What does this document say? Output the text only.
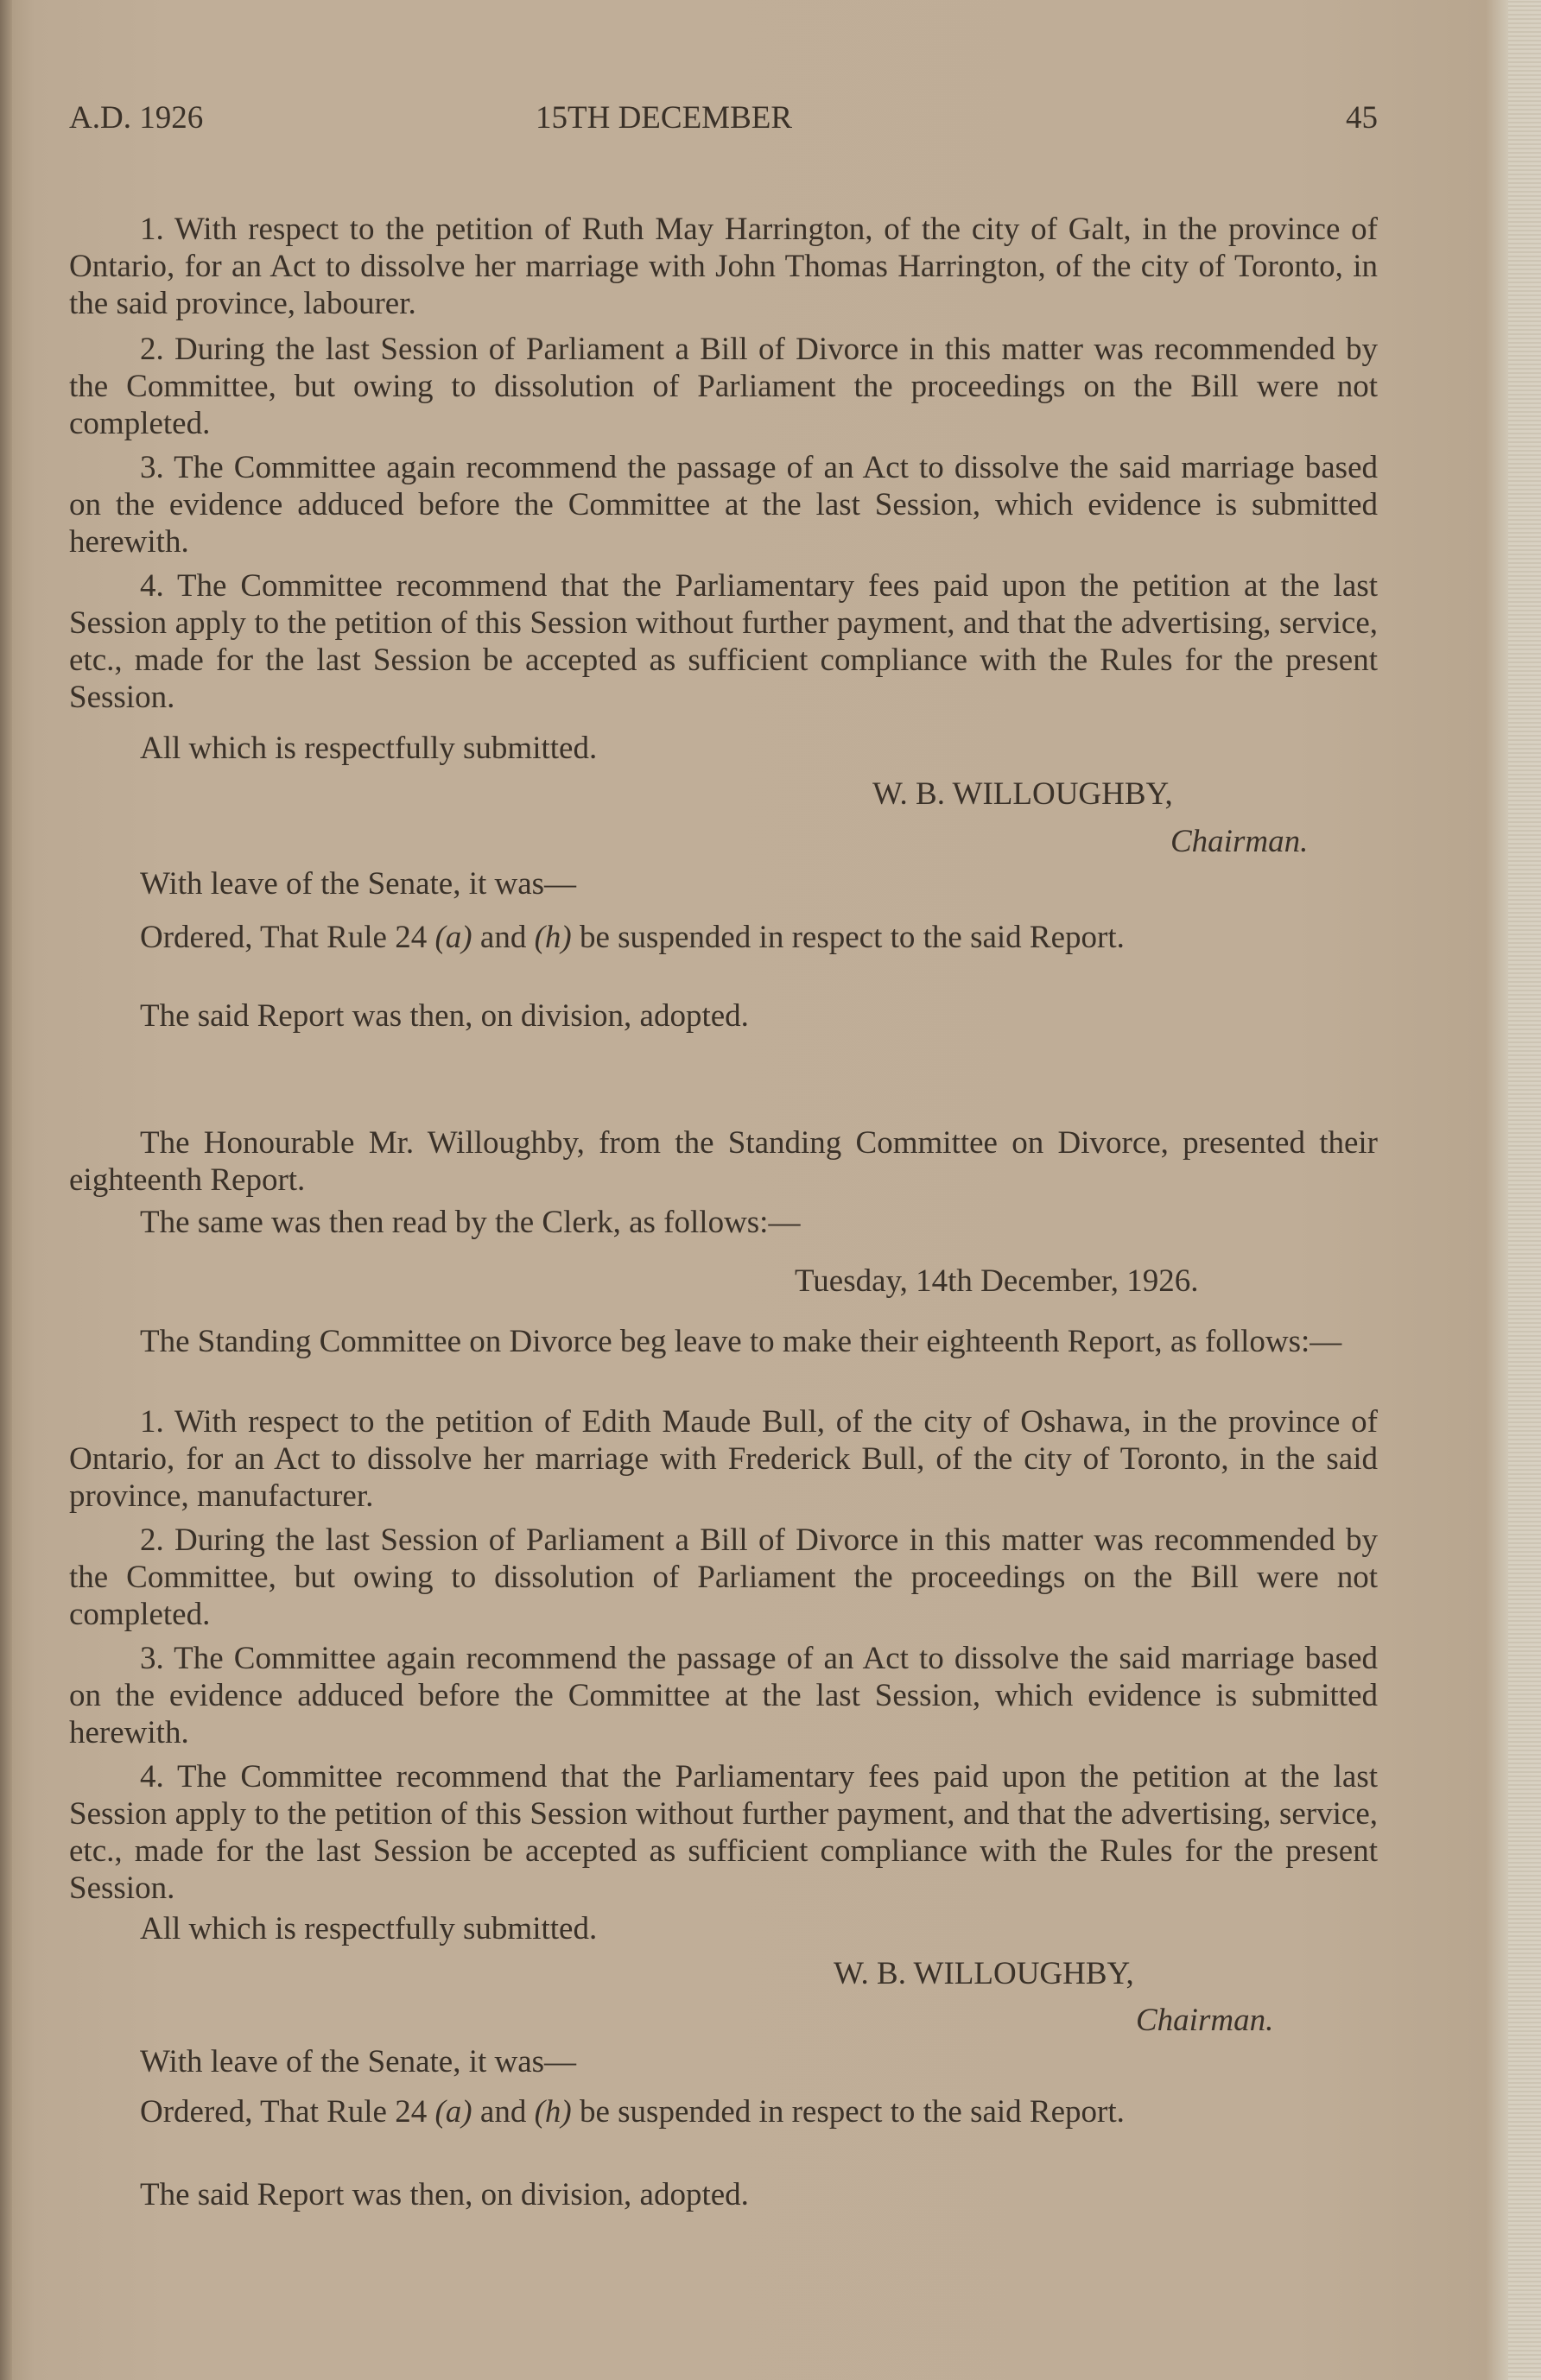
A.D. 1926	15TH DECEMBER	45

1. With respect to the petition of Ruth May Harrington, of the city of Galt, in the province of Ontario, for an Act to dissolve her marriage with John Thomas Harrington, of the city of Toronto, in the said province, labourer.

2. During the last Session of Parliament a Bill of Divorce in this matter was recommended by the Committee, but owing to dissolution of Parliament the proceedings on the Bill were not completed.

3. The Committee again recommend the passage of an Act to dissolve the said marriage based on the evidence adduced before the Committee at the last Session, which evidence is submitted herewith.

4. The Committee recommend that the Parliamentary fees paid upon the petition at the last Session apply to the petition of this Session without further payment, and that the advertising, service, etc., made for the last Session be accepted as sufficient compliance with the Rules for the present Session.

All which is respectfully submitted.

W. B. WILLOUGHBY,
Chairman.

With leave of the Senate, it was—

Ordered, That Rule 24 (a) and (h) be suspended in respect to the said Report.

The said Report was then, on division, adopted.

The Honourable Mr. Willoughby, from the Standing Committee on Divorce, presented their eighteenth Report.

The same was then read by the Clerk, as follows:—

Tuesday, 14th December, 1926.

The Standing Committee on Divorce beg leave to make their eighteenth Report, as follows:—

1. With respect to the petition of Edith Maude Bull, of the city of Oshawa, in the province of Ontario, for an Act to dissolve her marriage with Frederick Bull, of the city of Toronto, in the said province, manufacturer.

2. During the last Session of Parliament a Bill of Divorce in this matter was recommended by the Committee, but owing to dissolution of Parliament the proceedings on the Bill were not completed.

3. The Committee again recommend the passage of an Act to dissolve the said marriage based on the evidence adduced before the Committee at the last Session, which evidence is submitted herewith.

4. The Committee recommend that the Parliamentary fees paid upon the petition at the last Session apply to the petition of this Session without further payment, and that the advertising, service, etc., made for the last Session be accepted as sufficient compliance with the Rules for the present Session.

All which is respectfully submitted.

W. B. WILLOUGHBY,
Chairman.

With leave of the Senate, it was—

Ordered, That Rule 24 (a) and (h) be suspended in respect to the said Report.

The said Report was then, on division, adopted.
